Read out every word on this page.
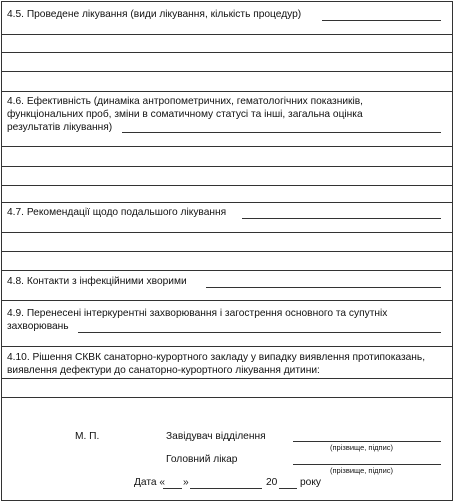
4.5. Проведене лікування (види лікування, кількість процедур)
4.6. Ефективність (динаміка антропометричних, гематологічних показників,
функціональних проб, зміни в соматичному статусі та інші, загальна оцінка
результатів лікування)
4.7. Рекомендації щодо подальшого лікування
4.8. Контакти з інфекційними хворими
4.9. Перенесені інтеркурентні захворювання і загострення основного та супутніх
захворювань
4.10. Рішення СКВК санаторно-курортного закладу у випадку виявлення протипоказань,
виявлення дефектури до санаторно-курортного лікування дитини:
М. П.	Завідувач відділення
(прізвище, підпис)
Головний лікар
(прізвище, підпис)
Дата « »	20 року
